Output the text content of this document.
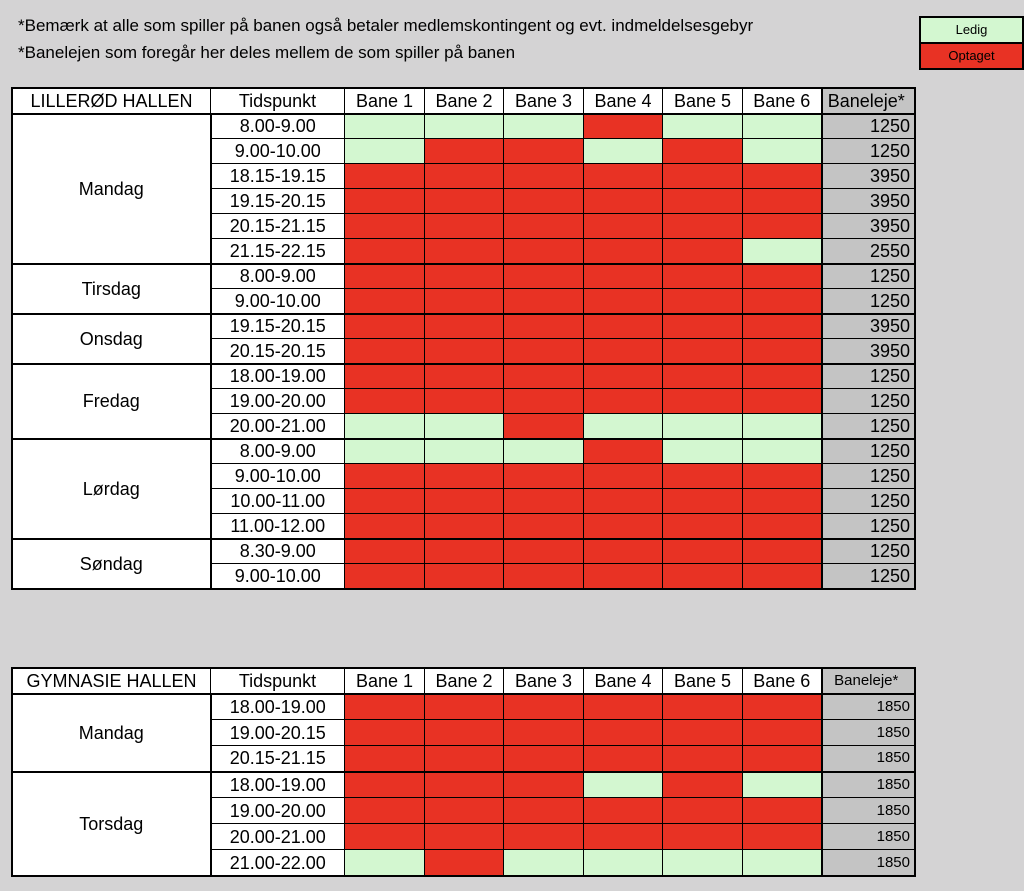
*Bemærk at alle som spiller på banen også betaler medlemskontingent og evt. indmeldelsesgebyr
*Banelejen som foregår her deles mellem de som spiller på banen
Ledig
Optaget
LILLERØD HALLEN	Tidspunkt	Bane 1	Bane 2	Bane 3	Bane 4	Bane 5	Bane 6	Baneleje*
Mandag	8.00-9.00							1250
	9.00-10.00							1250
	18.15-19.15							3950
	19.15-20.15							3950
	20.15-21.15							3950
	21.15-22.15							2550
Tirsdag	8.00-9.00							1250
	9.00-10.00							1250
Onsdag	19.15-20.15							3950
	20.15-20.15							3950
Fredag	18.00-19.00							1250
	19.00-20.00							1250
	20.00-21.00							1250
Lørdag	8.00-9.00							1250
	9.00-10.00							1250
	10.00-11.00							1250
	11.00-12.00							1250
Søndag	8.30-9.00							1250
	9.00-10.00							1250
GYMNASIE HALLEN	Tidspunkt	Bane 1	Bane 2	Bane 3	Bane 4	Bane 5	Bane 6	Baneleje*
Mandag	18.00-19.00							1850
	19.00-20.15							1850
	20.15-21.15							1850
Torsdag	18.00-19.00							1850
	19.00-20.00							1850
	20.00-21.00							1850
	21.00-22.00							1850
